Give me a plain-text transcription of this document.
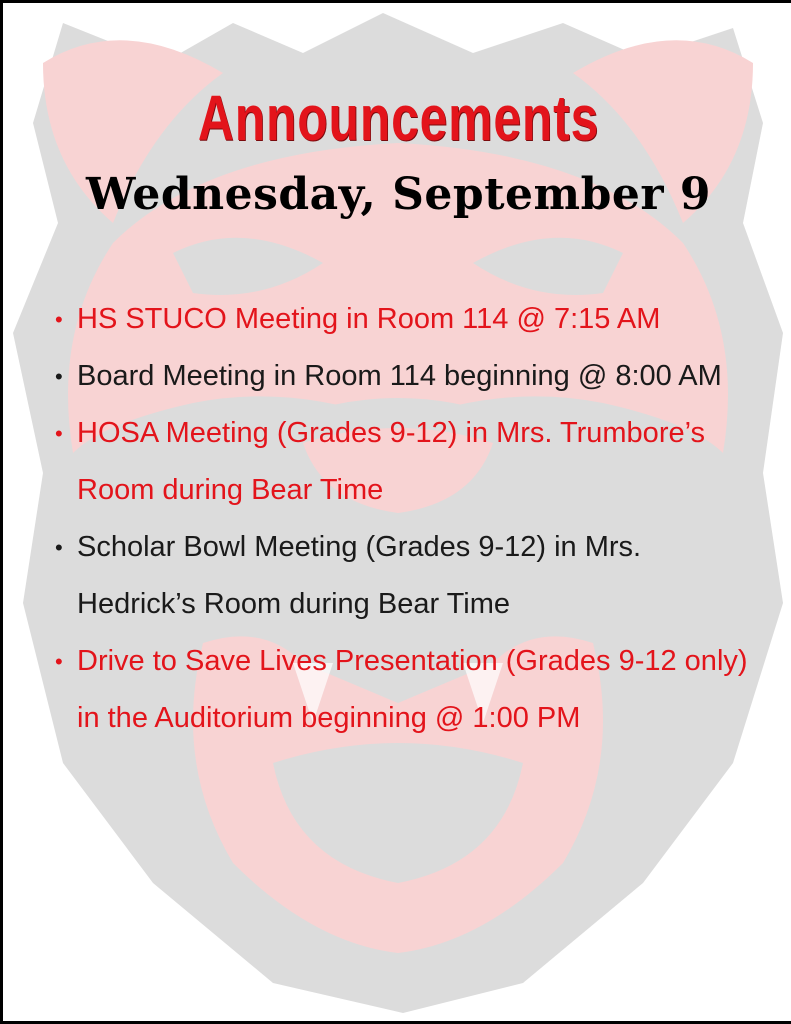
Announcements
Wednesday, September 9
• HS STUCO Meeting in Room 114 @ 7:15 AM
• Board Meeting in Room 114 beginning @ 8:00 AM
• HOSA Meeting (Grades 9-12) in Mrs. Trumbore’s Room during Bear Time
• Scholar Bowl Meeting (Grades 9-12) in Mrs. Hedrick’s Room during Bear Time
• Drive to Save Lives Presentation (Grades 9-12 only) in the Auditorium beginning @ 1:00 PM
